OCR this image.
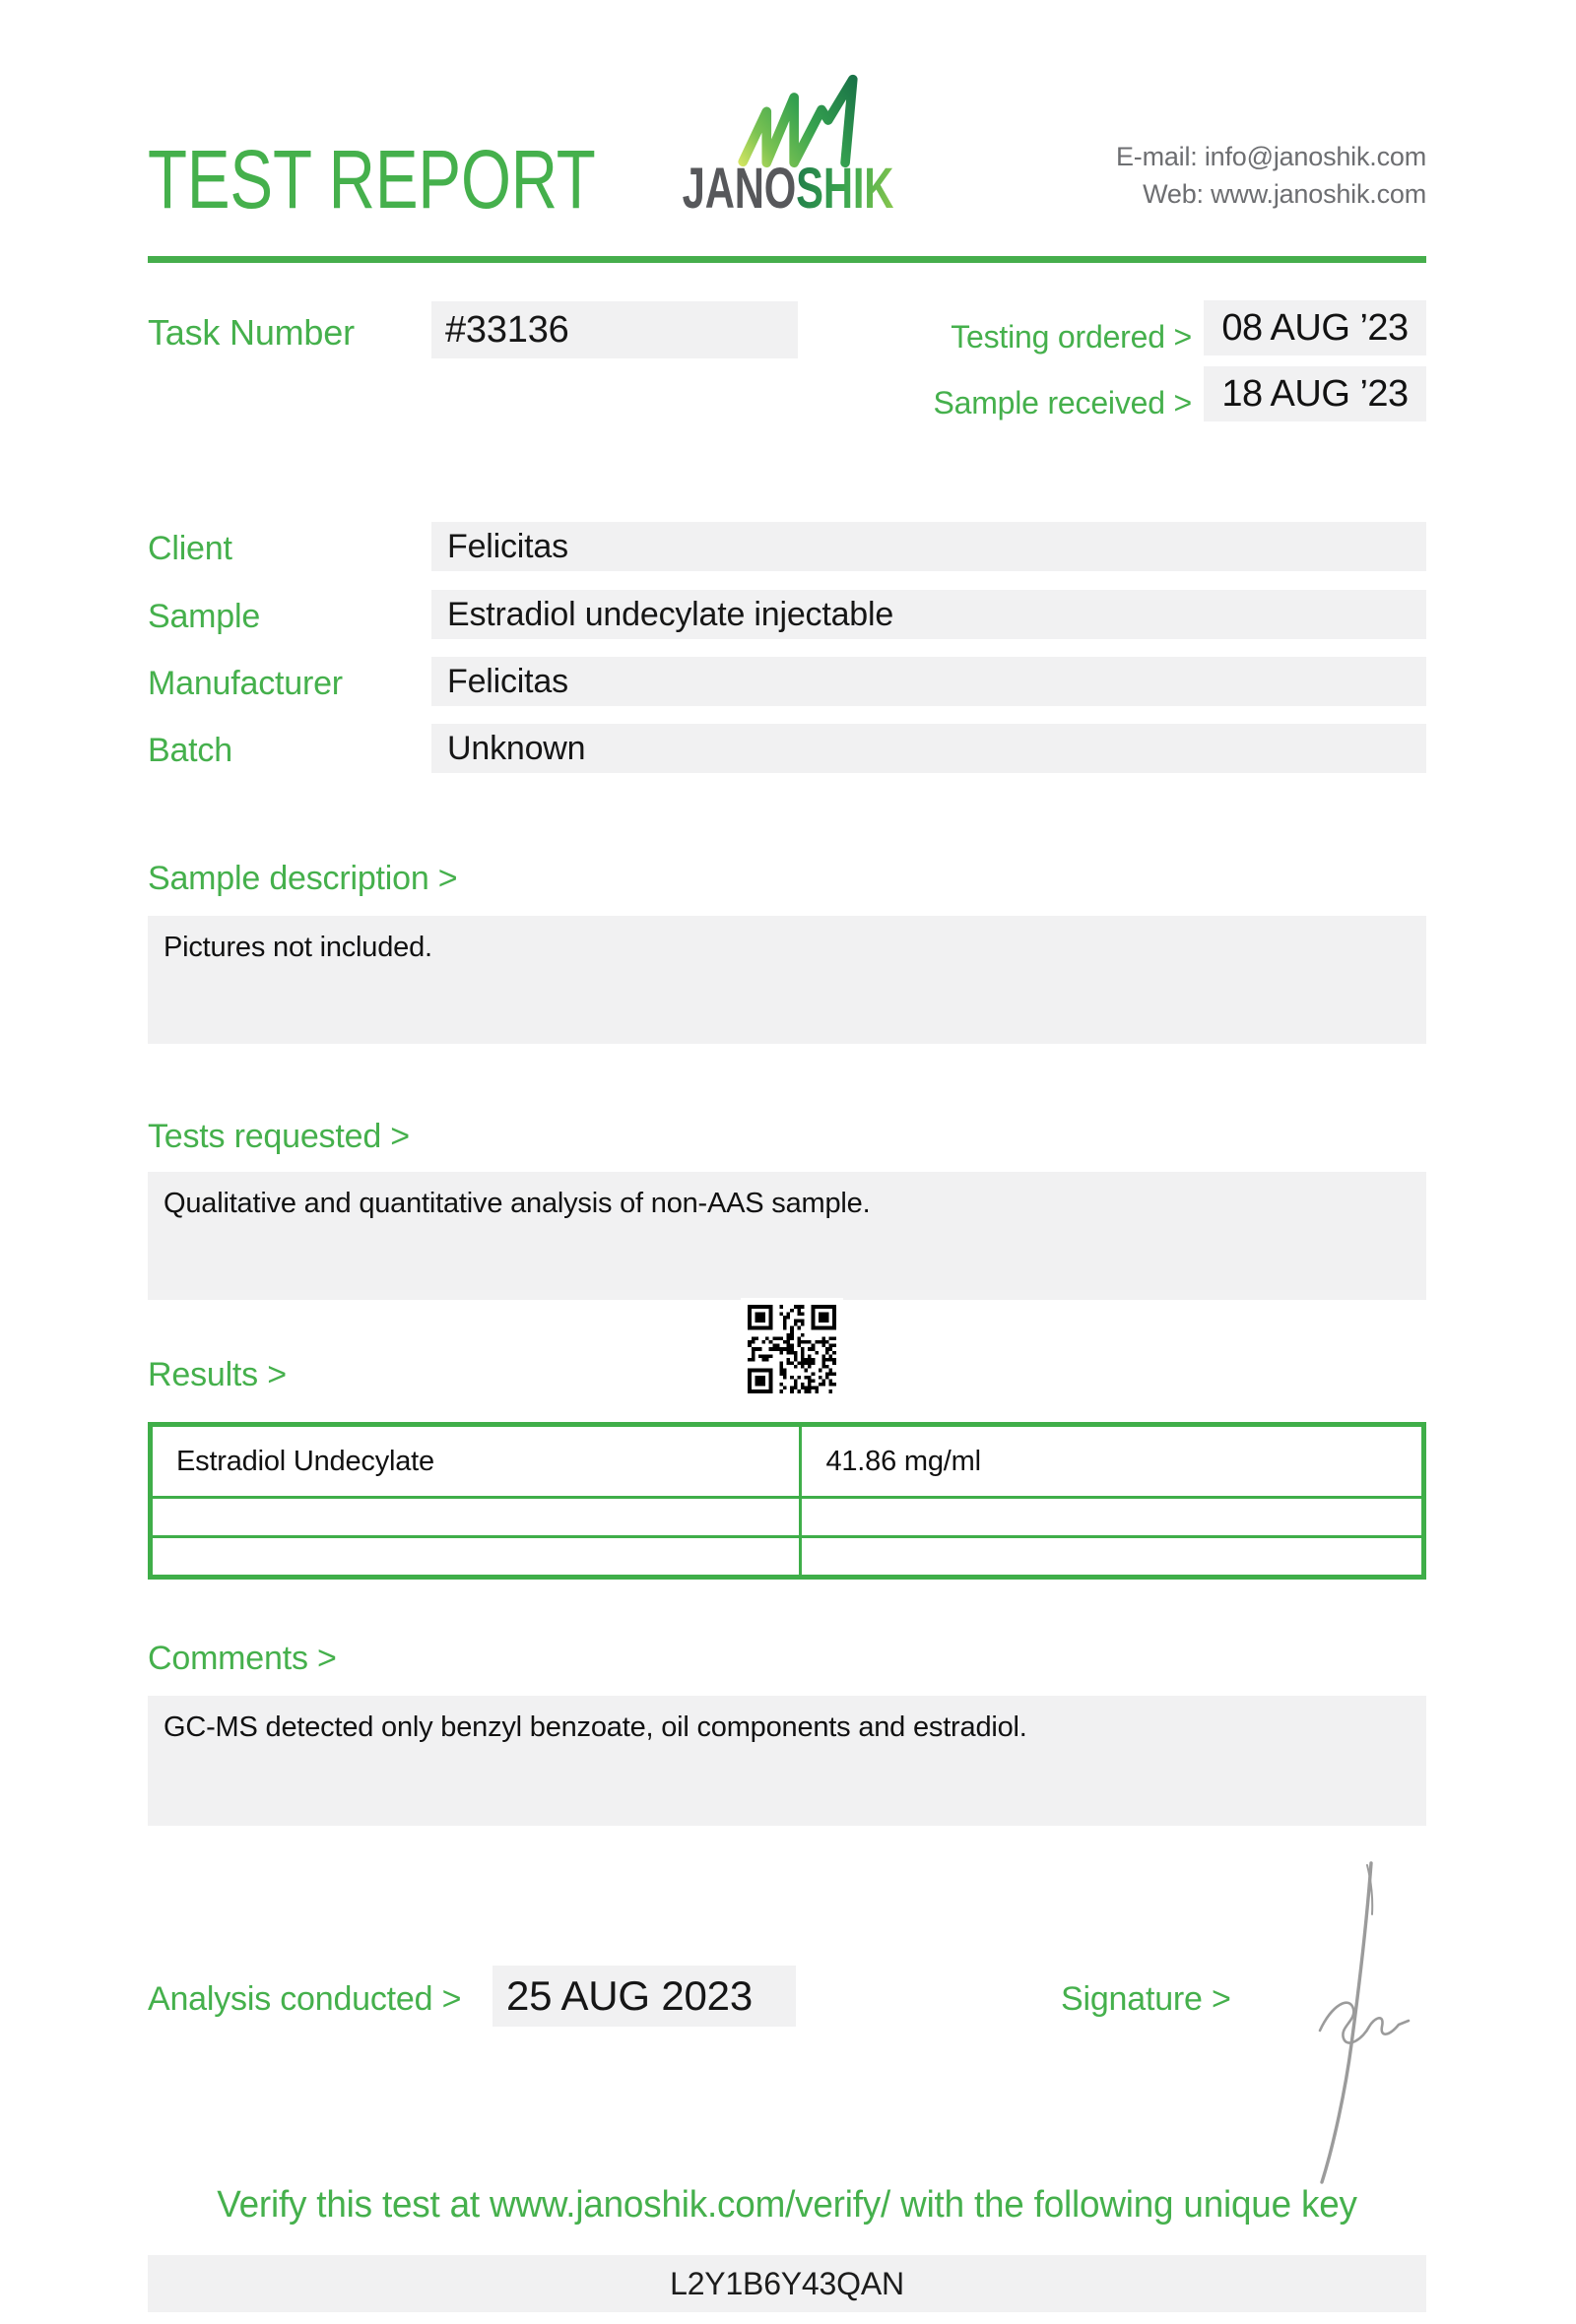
TEST REPORT JANOSHIK	E-mail: info@janoshik.com
Web: www.janoshik.com
Task Number	#33136	Testing ordered > 08 AUG ’23
Sample received > 18 AUG ’23
Client	Felicitas
Sample	Estradiol undecylate injectable
Manufacturer	Felicitas
Batch	Unknown
Sample description >
Pictures not included.
Tests requested >
Qualitative and quantitative analysis of non-AAS sample.
Results >
Estradiol Undecylate	41.86 mg/ml
Comments >
GC-MS detected only benzyl benzoate, oil components and estradiol.
Analysis conducted >	25 AUG 2023	Signature >
Verify this test at www.janoshik.com/verify/ with the following unique key
L2Y1B6Y43QAN
